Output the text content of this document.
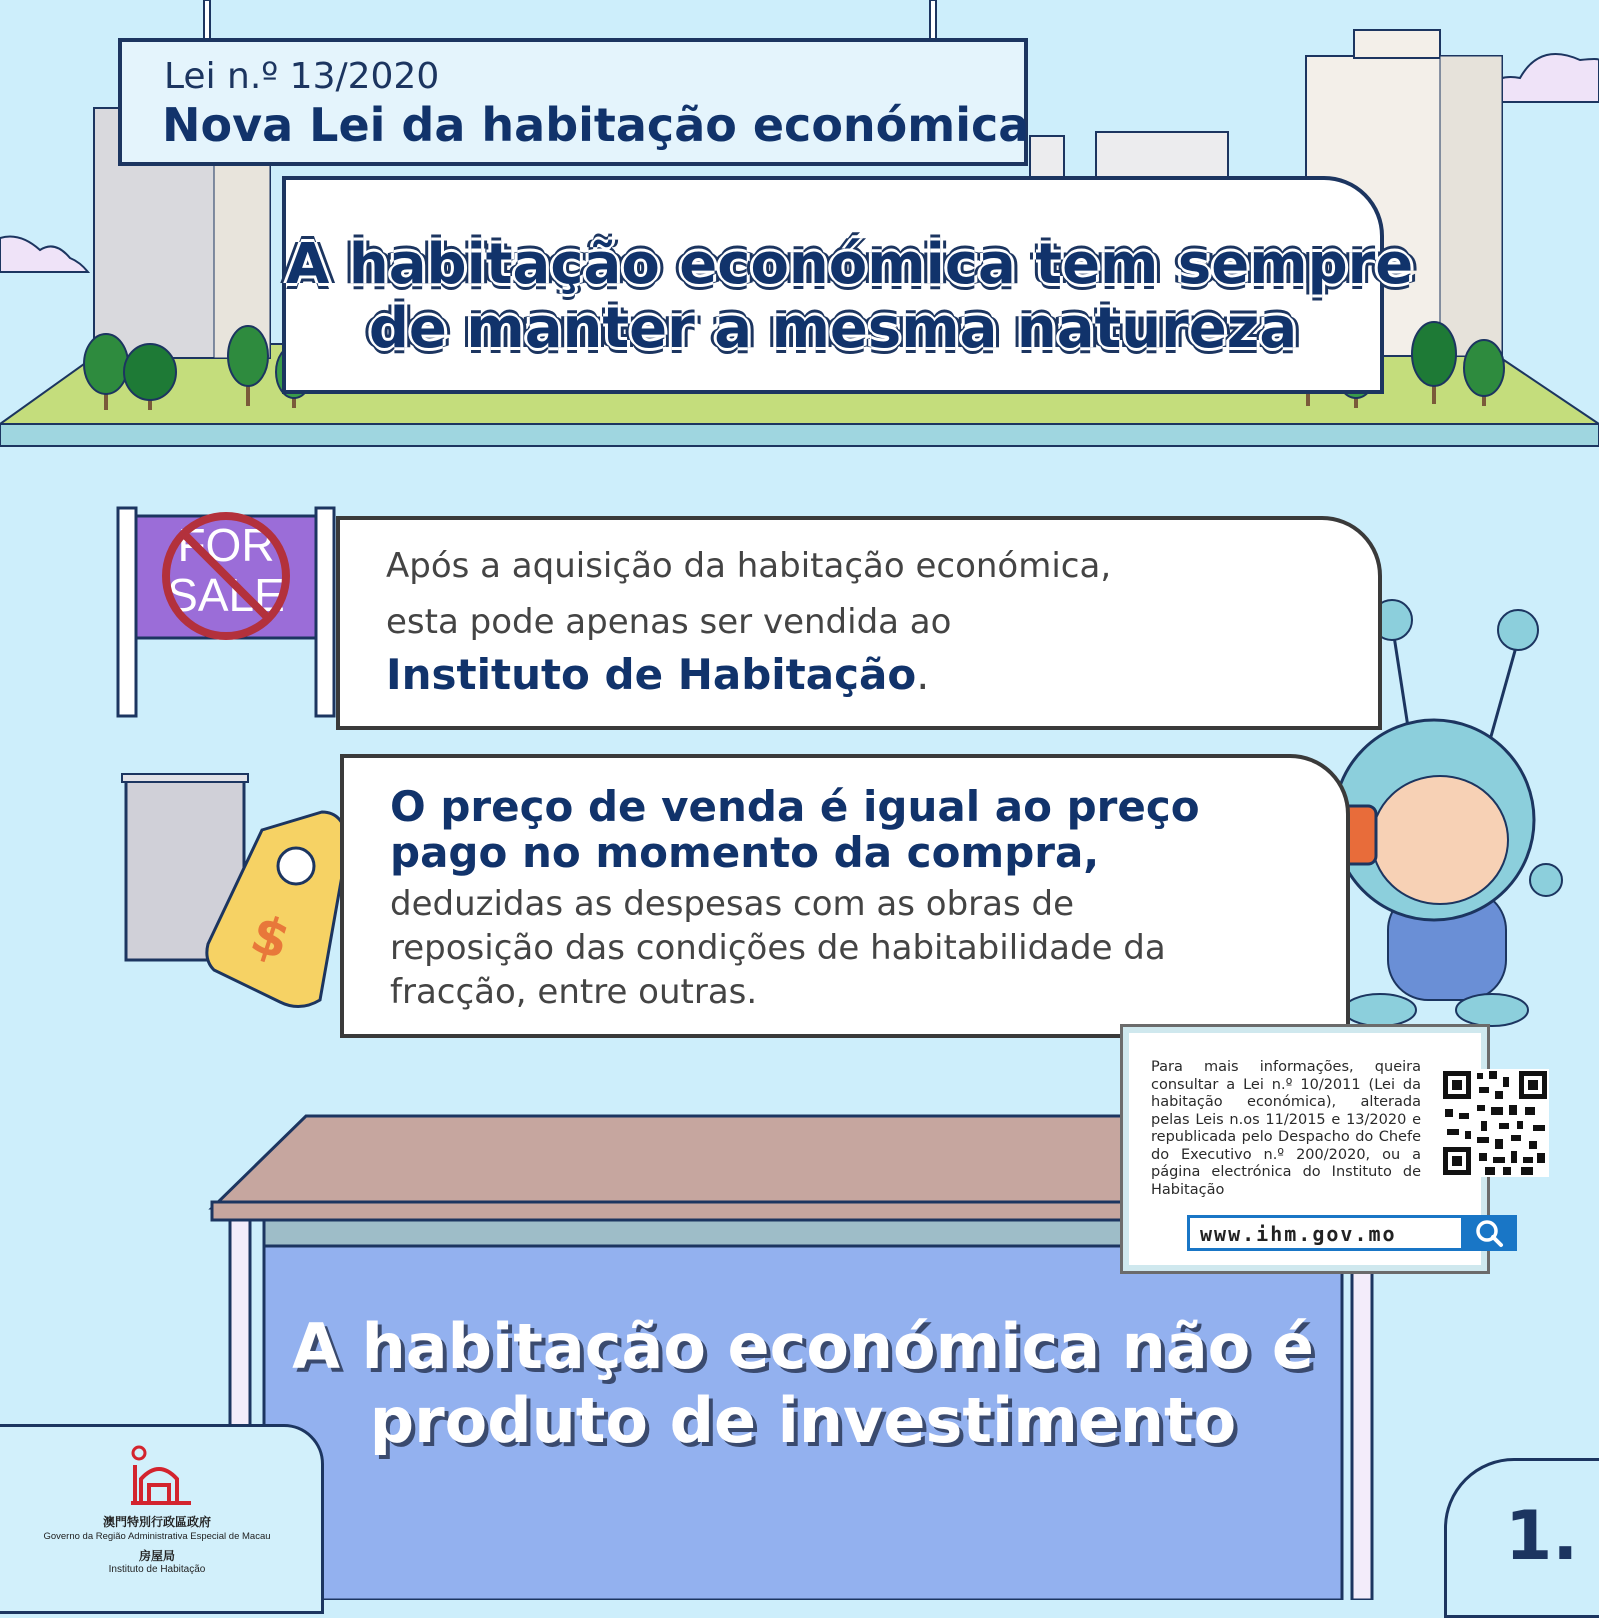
Lei n.º 13/2020
Nova Lei da habitação económica
A habitação económica tem sempre
de manter a mesma natureza
FOR
SALE
Após a aquisição da habitação económica,
esta pode apenas ser vendida ao
Instituto de Habitação.
O preço de venda é igual ao preço
pago no momento da compra,
deduzidas as despesas com as obras de
reposição das condições de habitabilidade da
fracção, entre outras.
$
Para mais informações, queira consultar a Lei n.º 10/2011 (Lei da habitação económica), alterada pelas Leis n.os 11/2015 e 13/2020 e republicada pelo Despacho do Chefe do Executivo n.º 200/2020, ou a página electrónica do Instituto de Habitação
www.ihm.gov.mo
A habitação económica não é
produto de investimento
澳門特別行政區政府
Governo da Região Administrativa Especial de Macau
房屋局
Instituto de Habitação	1.
